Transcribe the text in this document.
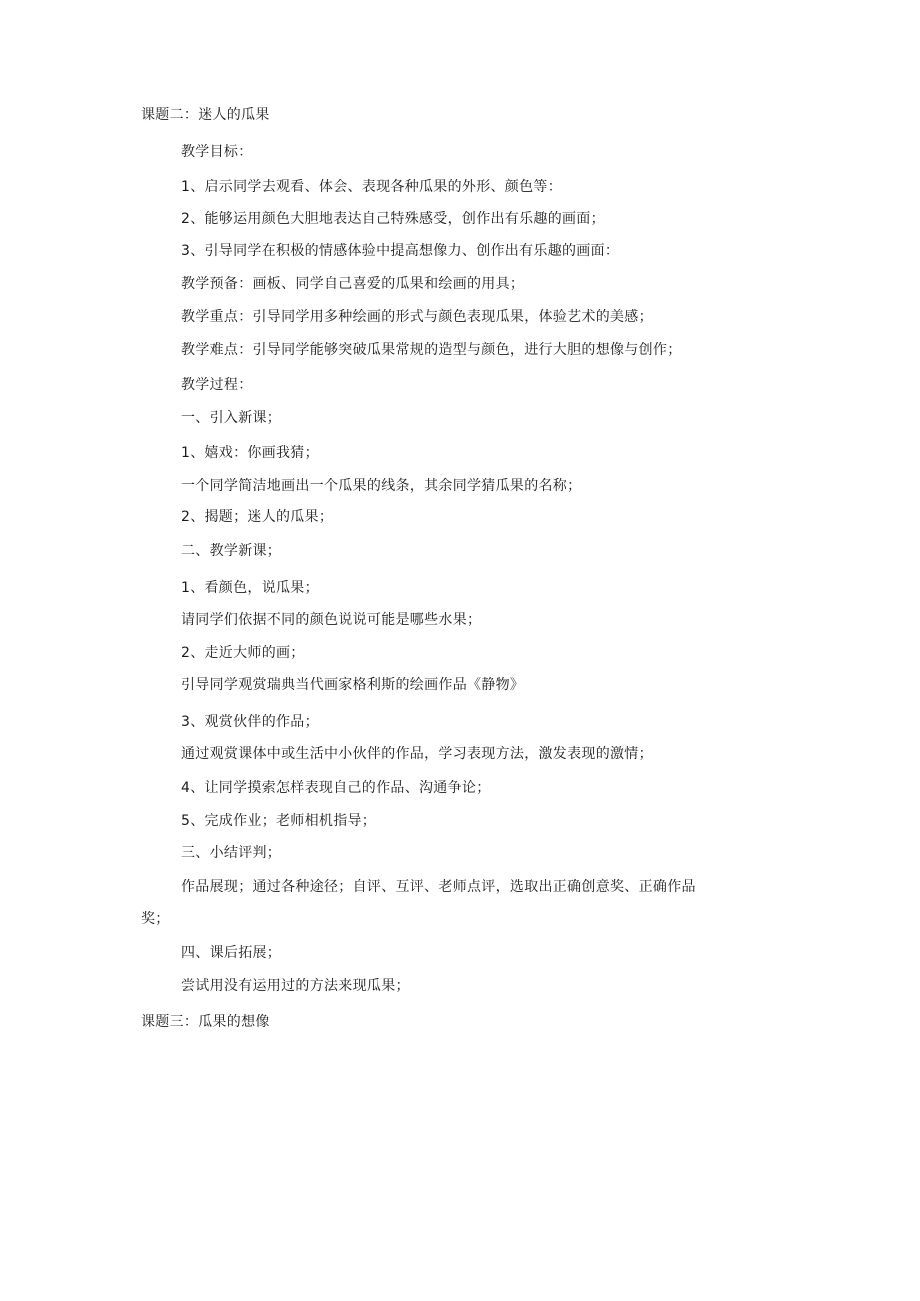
课题二：迷人的瓜果
教学目标：
1、启示同学去观看、体会、表现各种瓜果的外形、颜色等：
2、能够运用颜色大胆地表达自己特殊感受，创作出有乐趣的画面；
3、引导同学在积极的情感体验中提高想像力、创作出有乐趣的画面：
教学预备：画板、同学自己喜爱的瓜果和绘画的用具；
教学重点：引导同学用多种绘画的形式与颜色表现瓜果，体验艺术的美感；
教学难点：引导同学能够突破瓜果常规的造型与颜色，进行大胆的想像与创作；
教学过程：
一、引入新课；
1、嬉戏：你画我猜；
一个同学简洁地画出一个瓜果的线条，其余同学猜瓜果的名称；
2、揭题；迷人的瓜果；
二、教学新课；
1、看颜色，说瓜果；
请同学们依据不同的颜色说说可能是哪些水果；
2、走近大师的画；
引导同学观赏瑞典当代画家格利斯的绘画作品《静物》
3、观赏伙伴的作品；
通过观赏课体中或生活中小伙伴的作品，学习表现方法，激发表现的激情；
4、让同学摸索怎样表现自己的作品、沟通争论；
5、完成作业；老师相机指导；
三、小结评判；
作品展现；通过各种途径；自评、互评、老师点评，选取出正确创意奖、正确作品
奖；
四、课后拓展；
尝试用没有运用过的方法来现瓜果；
课题三：瓜果的想像
